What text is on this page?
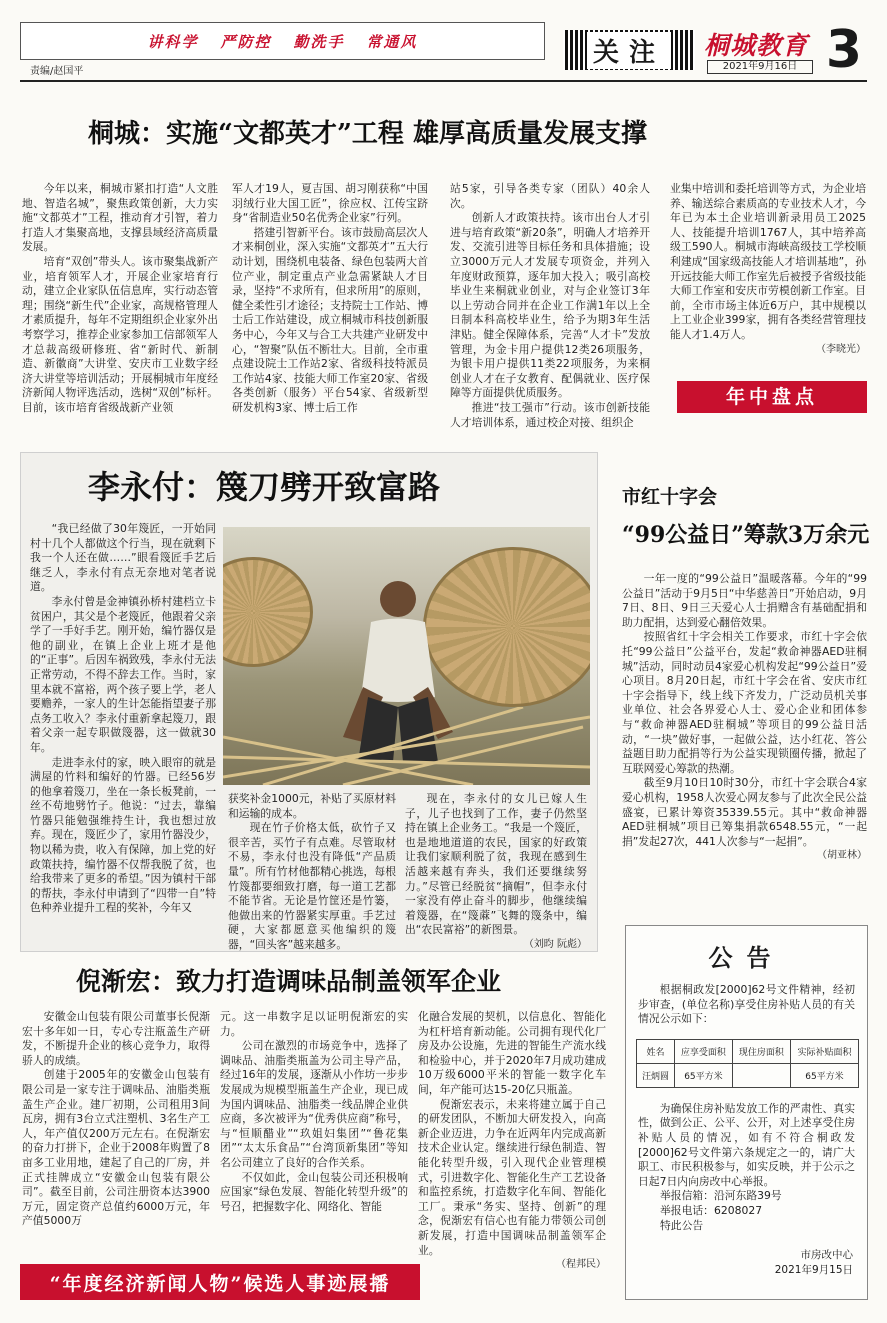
讲科学 严防控 勤洗手 常通风
责编/赵国平
关注 桐城教育
2021年9月16日 3
桐城：实施“文都英才”工程 雄厚高质量发展支撑

今年以来，桐城市紧扣打造“人文胜地、智造名城”，聚焦政策创新，大力实施“文都英才”工程，推动育才引智，着力打造人才集聚高地，支撑县域经济高质量发展。

培育“双创”带头人。该市聚集战新产业，培育领军人才，开展企业家培育行动，建立企业家队伍信息库，实行动态管理；围绕“新生代”企业家，高规格管理人才素质提升，每年不定期组织企业家外出考察学习，推荐企业家参加工信部领军人才总裁高级研修班、省“新时代、新制造、新徽商”大讲堂、安庆市工业数字经济大讲堂等培训活动；开展桐城市年度经济新闻人物评选活动，选树“双创”标杆。目前，该市培育省级战新产业领

军人才19人，夏吉国、胡习刚获称“中国羽绒行业大国工匠”，徐应权、江传宝跻身“省制造业50名优秀企业家”行列。

搭建引智新平台。该市鼓励高层次人才来桐创业，深入实施“文都英才”五大行动计划，围绕机电装备、绿色包装两大首位产业，制定重点产业急需紧缺人才目录，坚持“不求所有，但求所用”的原则，健全柔性引才途径；支持院士工作站、博士后工作站建设，成立桐城市科技创新服务中心，今年又与合工大共建产业研发中心，“智聚”队伍不断壮大。目前，全市重点建设院士工作站2家、省级科技特派员工作站4家、技能大师工作室20家、省级各类创新（服务）平台54家、省级新型研发机构3家、博士后工作

站5家，引导各类专家（团队）40余人次。

创新人才政策扶持。该市出台人才引进与培育政策“新20条”，明确人才培养开发、交流引进等目标任务和具体措施；设立3000万元人才发展专项资金，并列入年度财政预算，逐年加大投入；吸引高校毕业生来桐就业创业，对与企业签订3年以上劳动合同并在企业工作满1年以上全日制本科高校毕业生，给予为期3年生活津贴。健全保障体系，完善“人才卡”发放管理，为金卡用户提供12类26项服务，为银卡用户提供11类22项服务，为来桐创业人才在子女教育、配偶就业、医疗保障等方面提供优质服务。

推进“技工强市”行动。该市创新技能人才培训体系，通过校企对接、组织企

业集中培训和委托培训等方式，为企业培养、输送综合素质高的专业技术人才，今年已为本土企业培训新录用员工2025人、技能提升培训1767人，其中培养高级工590人。桐城市海峡高级技工学校顺利建成“国家级高技能人才培训基地”，孙开远技能大师工作室先后被授予省级技能大师工作室和安庆市劳模创新工作室。目前，全市市场主体近6万户，其中规模以上工业企业399家，拥有各类经营管理技能人才1.4万人。

（李晓光）
年中盘点
李永付：篾刀劈开致富路

“我已经做了30年篾匠，一开始同村十几个人都做这个行当，现在就剩下我一个人还在做……”眼看篾匠手艺后继乏人，李永付有点无奈地对笔者说道。

李永付曾是金神镇孙桥村建档立卡贫困户，其父是个老篾匠，他跟着父亲学了一手好手艺。刚开始，编竹器仅是他的副业，在镇上企业上班才是他的“正事”。后因车祸致残，李永付无法正常劳动，不得不辞去工作。当时，家里本就不富裕，两个孩子要上学，老人要赡养，一家人的生计怎能指望妻子那点务工收入？李永付重新拿起篾刀，跟着父亲一起专职做篾器，这一做就30年。

走进李永付的家，映入眼帘的就是满屋的竹料和编好的竹器。已经56岁的他拿着篾刀，坐在一条长板凳前，一丝不苟地劈竹子。他说：“过去，靠编竹器只能勉强维持生计，我也想过放弃。现在，篾匠少了，家用竹器没少，物以稀为贵，收入有保障，加上党的好政策扶持，编竹器不仅帮我脱了贫，也给我带来了更多的希望。”因为镇村干部的帮扶，李永付申请到了“四带一自”特色种养业提升工程的奖补，今年又

获奖补金1000元，补贴了买原材料和运输的成本。

现在竹子价格太低，砍竹子又很辛苦，买竹子有点难。尽管取材不易，李永付也没有降低“产品质量”。所有竹材他都精心挑选，每根竹篾都要细致打磨，每一道工艺都不能节省。无论是竹筐还是竹篓，他做出来的竹器紧实厚重。手艺过硬，大家都愿意买他编织的篾器，“回头客”越来越多。

现在，李永付的女儿已嫁人生子，儿子也找到了工作，妻子仍然坚持在镇上企业务工。“我是一个篾匠，也是地地道道的农民，国家的好政策让我们家顺利脱了贫，我现在感到生活越来越有奔头，我们还要继续努力。”尽管已经脱贫“摘帽”，但李永付一家没有停止奋斗的脚步，他继续编着篾器，在“篾蔴”飞舞的篾条中，编出“农民富裕”的新图景。

（刘昀 阮彪）
市红十字会
“99公益日”筹款3万余元

一年一度的“99公益日”温暖落幕。今年的“99公益日”活动于9月5日“中华慈善日”开始启动，9月7日、8日、9日三天爱心人士捐赠含有基础配捐和助力配捐，达到爱心翻倍效果。

按照省红十字会相关工作要求，市红十字会依托“99公益日”公益平台，发起“救命神器AED驻桐城”活动，同时动员4家爱心机构发起“99公益日”爱心项目。8月20日起，市红十字会在省、安庆市红十字会指导下，线上线下齐发力，广泛动员机关事业单位、社会各界爱心人士、爱心企业和团体参与“救命神器AED驻桐城”等项目的99公益日活动，“一块”做好事，一起做公益，达小红花、答公益题目助力配捐等行为公益实现锁圈传播，掀起了互联网爱心筹款的热潮。

截至9月10日10时30分，市红十字会联合4家爱心机构，1958人次爱心网友参与了此次全民公益盛宴，已累计筹资35339.55元。其中“救命神器AED驻桐城”项目已筹集捐款6548.55元，“一起捐”发起27次，441人次参与“一起捐”。

（胡亚林）
公告

根据桐政发[2000]62号文件精神，经初步审查，(单位名称)享受住房补贴人员的有关情况公示如下：

姓名	应享受面积	现住房面积	实际补贴面积
汪炳圆	65平方米		65平方米

为确保住房补贴发放工作的严肃性、真实性，做到公正、公平、公开，对上述享受住房补贴人员的情况，如有不符合桐政发[2000]62号文件第六条规定之一的，请广大职工、市民积极参与，如实反映，并于公示之日起7日内向房改中心举报。

举报信箱：沿河东路39号
举报电话：6208027
特此公告
市房改中心
2021年9月15日
倪渐宏：致力打造调味品制盖领军企业

安徽金山包装有限公司董事长倪渐宏十多年如一日，专心专注瓶盖生产研发，不断提升企业的核心竞争力，取得骄人的成绩。

创建于2005年的安徽金山包装有限公司是一家专注于调味品、油脂类瓶盖生产企业。建厂初期，公司租用3间瓦房，拥有3台立式注塑机、3名生产工人，年产值仅200万元左右。在倪渐宏的奋力打拼下，企业于2008年购置了8亩多工业用地，建起了自己的厂房，并正式挂牌成立“安徽金山包装有限公司”。截至目前，公司注册资本达3900万元，固定资产总值约6000万元，年产值5000万

元。这一串数字足以证明倪渐宏的实力。

公司在激烈的市场竞争中，选择了调味品、油脂类瓶盖为公司主导产品，经过16年的发展，逐渐从小作坊一步步发展成为规模型瓶盖生产企业，现已成为国内调味品、油脂类一线品牌企业供应商，多次被评为“优秀供应商”称号，与“恒顺醋业”“玖姐妇集团”“鲁花集团”“太太乐食品”“台湾顶新集团”等知名公司建立了良好的合作关系。

不仅如此，金山包装公司还积极响应国家“绿色发展、智能化转型升级”的号召，把握数字化、网络化、智能

化融合发展的契机，以信息化、智能化为杠杆培育新动能。公司拥有现代化厂房及办公设施，先进的智能生产流水线和检验中心，并于2020年7月成功建成10万级6000平米的智能一数字化车间，年产能可达15-20亿只瓶盖。

倪渐宏表示，未来将建立属于自己的研发团队，不断加大研发投入，向高新企业迈进，力争在近两年内完成高新技术企业认定。继续进行绿色制造、智能化转型升级，引入现代企业管理模式，引进数字化、智能化生产工艺设备和监控系统，打造数字化车间、智能化工厂。秉承“务实、坚持、创新”的理念，倪渐宏有信心也有能力带领公司创新发展，打造中国调味品制盖领军企业。

（程邦民）
“年度经济新闻人物”候选人事迹展播
